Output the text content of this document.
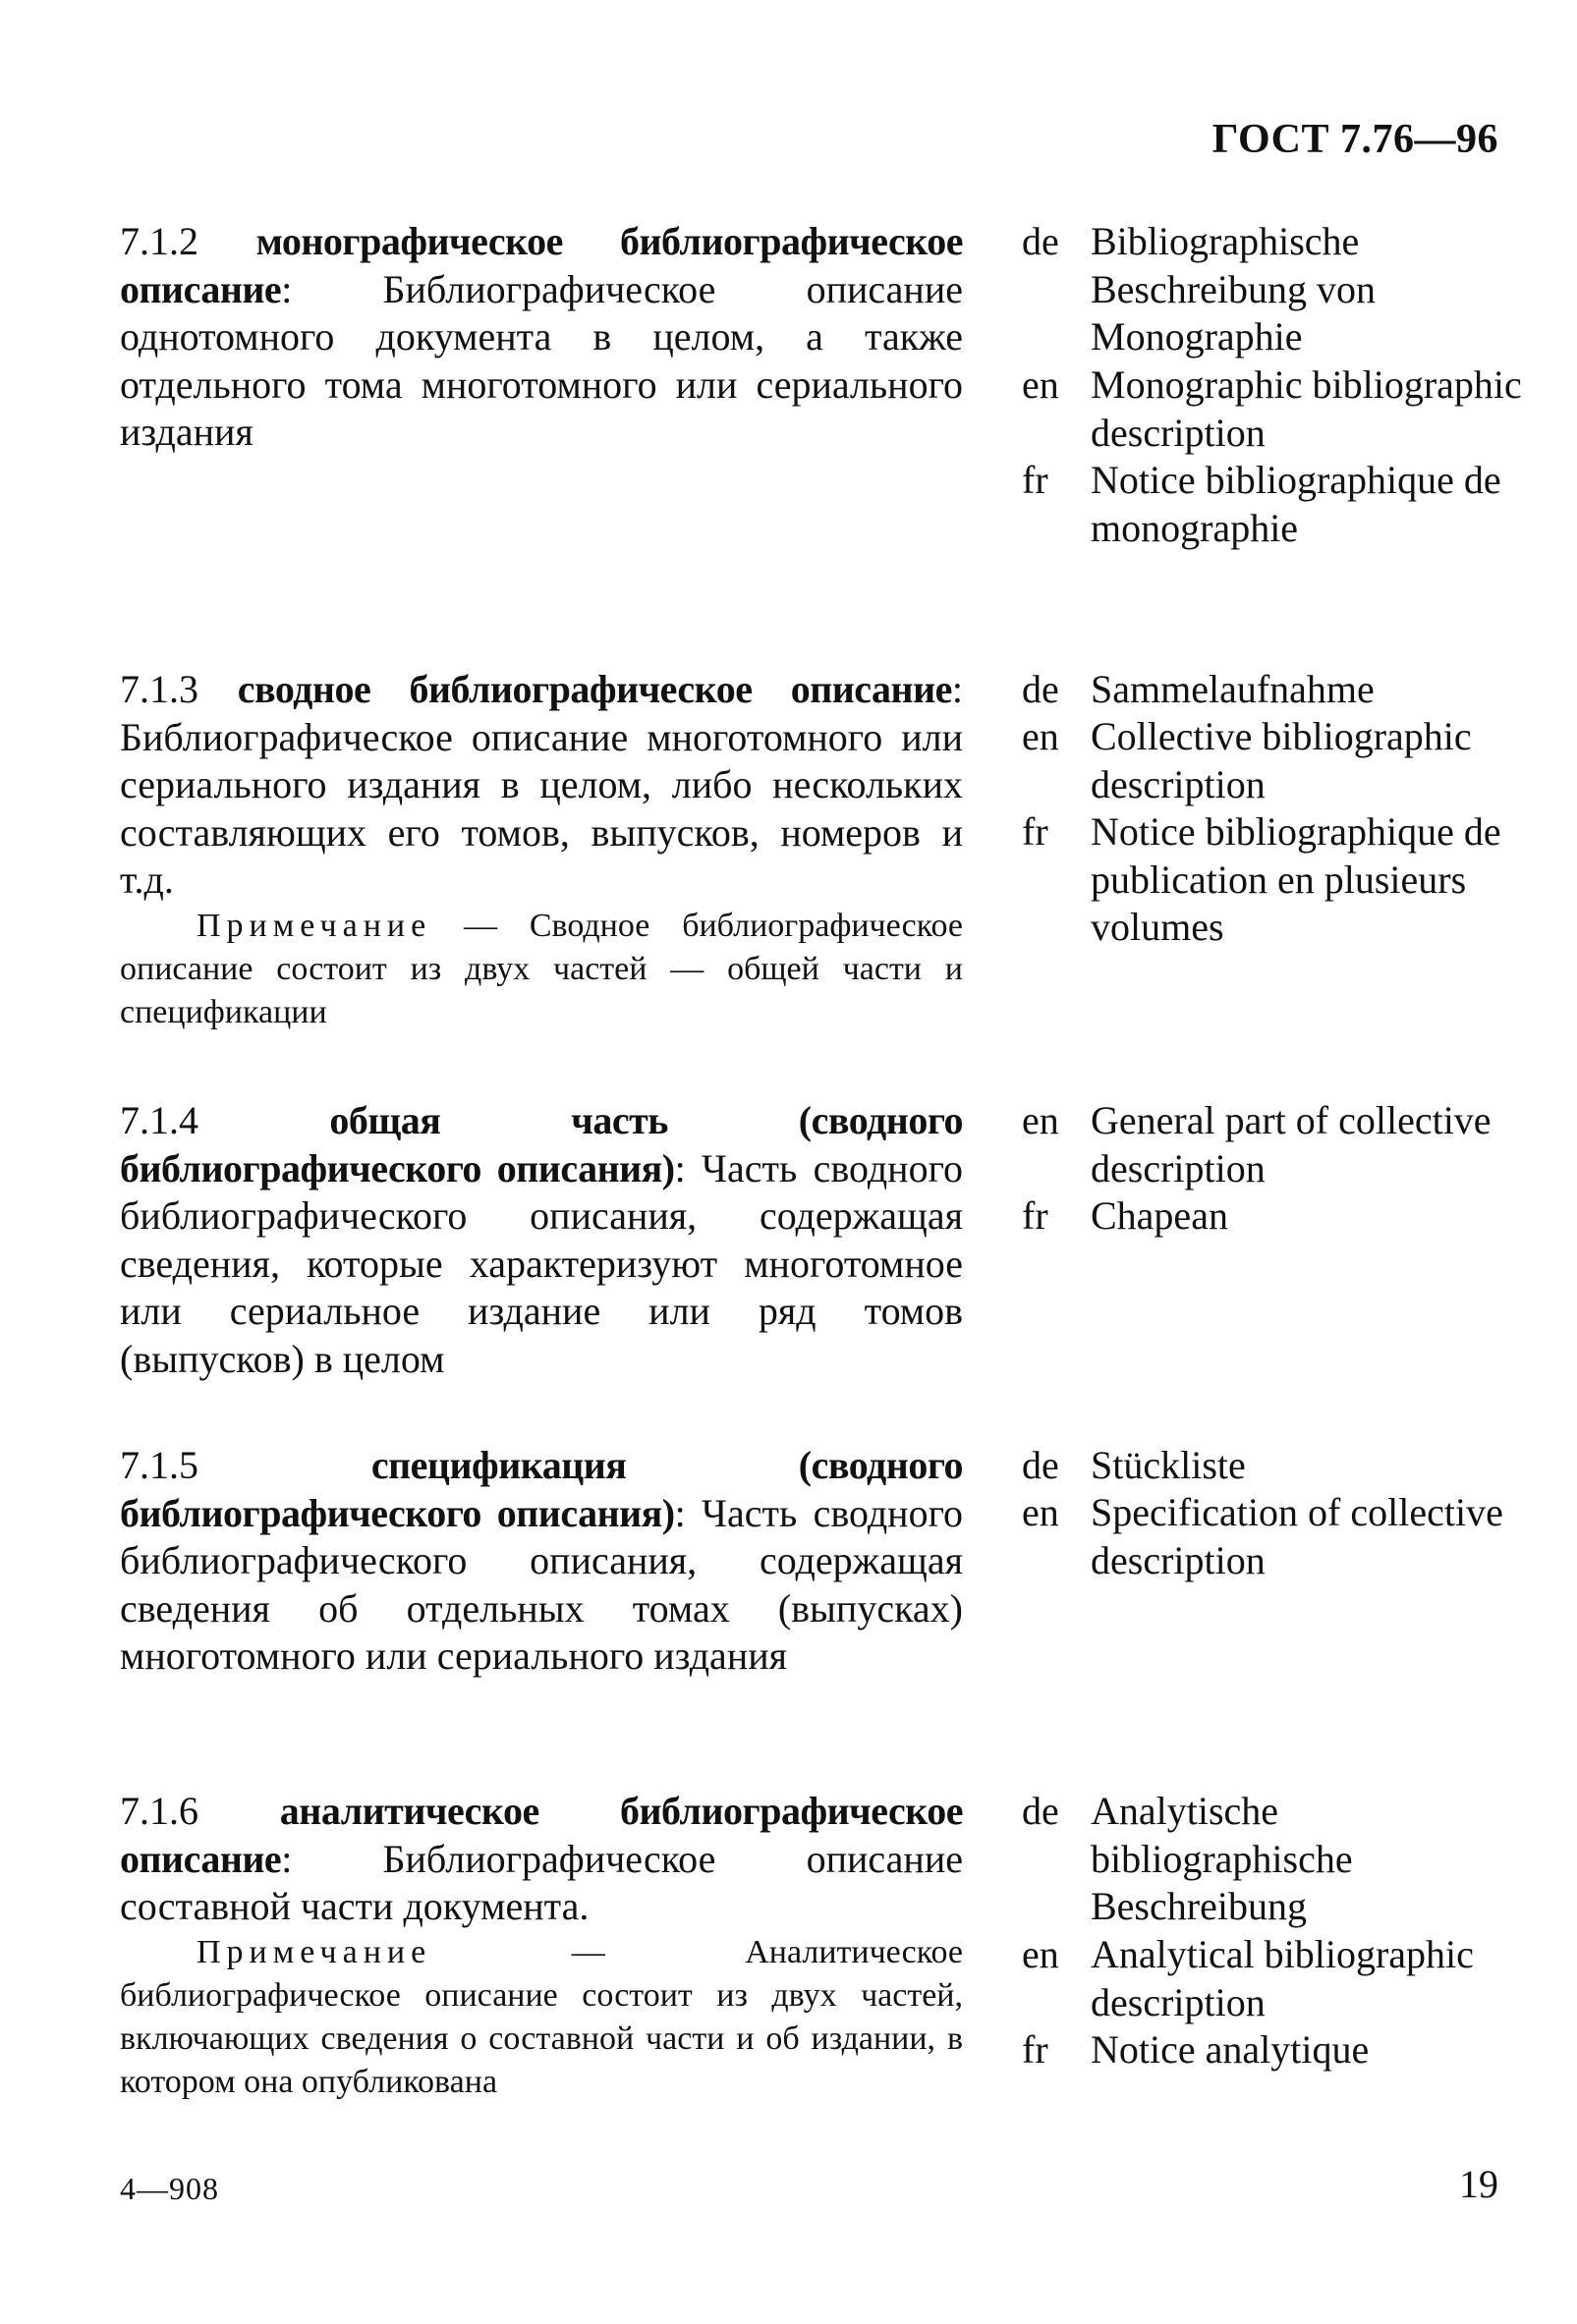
ГОСТ 7.76—96

7.1.2 монографическое библиографическое описание: Библиографическое описание однотомного документа в целом, а также отдельного тома многотомного или сериального издания

de Bibliographische Beschreibung von Monographie
en Monographic bibliographic description
fr	Notice bibliographique de monographie

7.1.3 сводное библиографическое описание: Библиографическое описание многотомного или сериального издания в целом, либо нескольких составляющих его томов, выпусков, номеров и т.д.

Примечание — Сводное библиографическое описание состоит из двух частей — общей части и спецификации

de Sammelaufnahme
en Collective bibliographic description
fr	Notice bibliographique de publication en plusieurs volumes

7.1.4	общая часть (сводного библиографического описания): Часть сводного библиографического описания, содержащая сведения, которые характеризуют многотомное или сериальное издание или ряд томов (выпусков) в целом

en General part of collective description
fr	Chapean

7.1.5	спецификация (сводного библиографического описания): Часть сводного библиографического описания, содержащая сведения об отдельных томах (выпусках) многотомного или сериального издания

de Stückliste
en Specification of collective description

7.1.6 аналитическое библиографическое описание: Библиографическое описание составной части документа.

Примечание — Аналитическое библиографическое описание состоит из двух частей, включающих сведения о составной части и об издании, в котором она опубликована

de Analytische bibliographische Beschreibung
en Analytical bibliographic description
fr	Notice analytique
4—908	19
